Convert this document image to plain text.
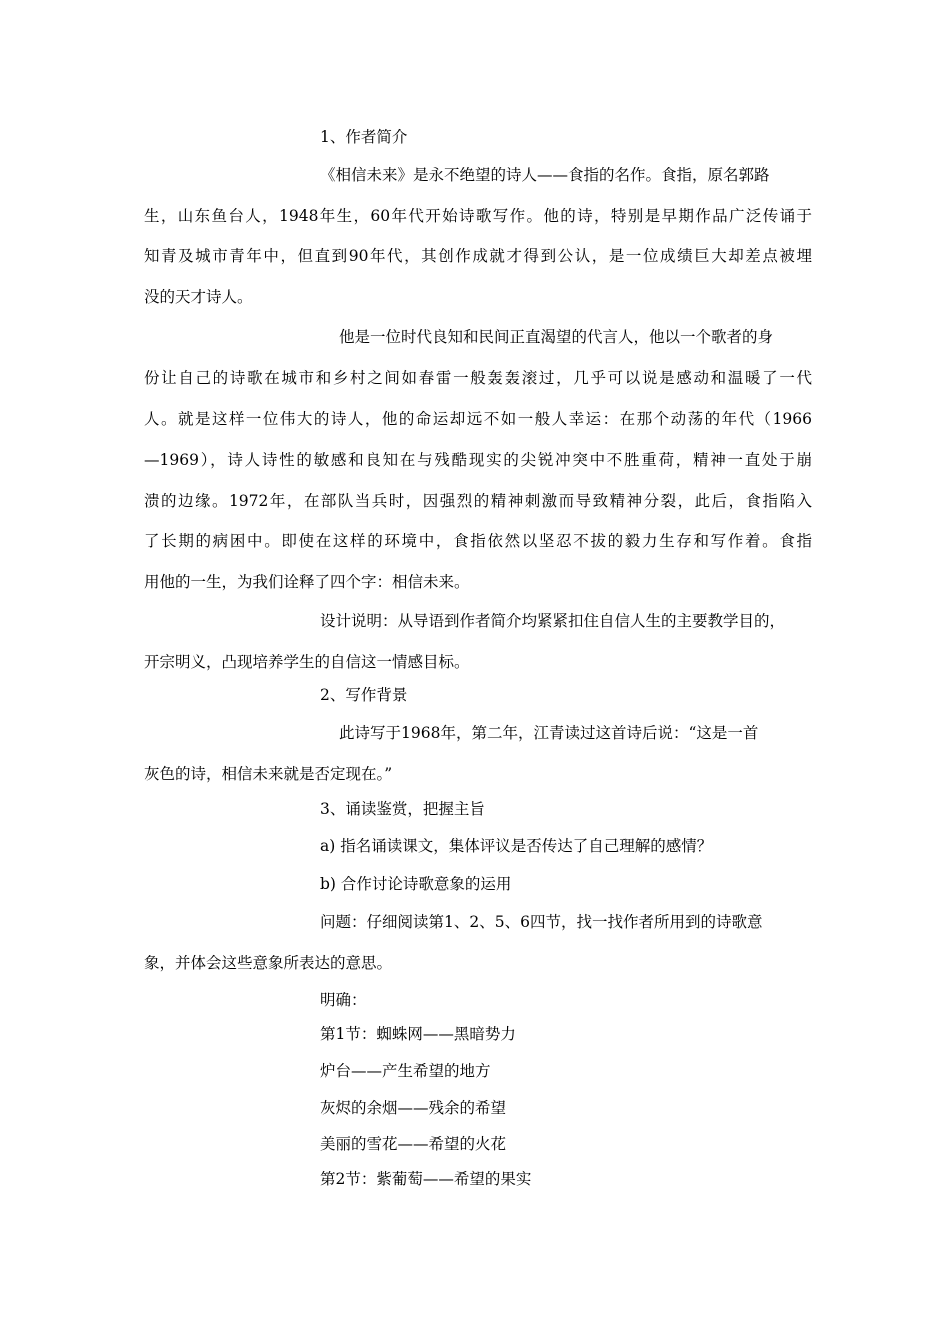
1、作者简介
《相信未来》是永不绝望的诗人——食指的名作。食指，原名郭路
生，山东鱼台人，1948年生，60年代开始诗歌写作。他的诗，特别是早期作品广泛传诵于
知青及城市青年中，但直到90年代，其创作成就才得到公认，是一位成绩巨大却差点被埋
没的天才诗人。
他是一位时代良知和民间正直渴望的代言人，他以一个歌者的身
份让自己的诗歌在城市和乡村之间如春雷一般轰轰滚过，几乎可以说是感动和温暖了一代
人。就是这样一位伟大的诗人，他的命运却远不如一般人幸运：在那个动荡的年代（1966
—1969），诗人诗性的敏感和良知在与残酷现实的尖锐冲突中不胜重荷，精神一直处于崩
溃的边缘。1972年，在部队当兵时，因强烈的精神刺激而导致精神分裂，此后，食指陷入
了长期的病困中。即使在这样的环境中，食指依然以坚忍不拔的毅力生存和写作着。食指
用他的一生，为我们诠释了四个字：相信未来。
设计说明：从导语到作者简介均紧紧扣住自信人生的主要教学目的，
开宗明义，凸现培养学生的自信这一情感目标。
2、写作背景
此诗写于1968年，第二年，江青读过这首诗后说：“这是一首
灰色的诗，相信未来就是否定现在。”
3、诵读鉴赏，把握主旨
a) 指名诵读课文，集体评议是否传达了自己理解的感情？
b) 合作讨论诗歌意象的运用
问题：仔细阅读第1、2、5、6四节，找一找作者所用到的诗歌意
象，并体会这些意象所表达的意思。
明确：
第1节：蜘蛛网——黑暗势力
炉台——产生希望的地方
灰烬的余烟——残余的希望
美丽的雪花——希望的火花
第2节：紫葡萄——希望的果实
